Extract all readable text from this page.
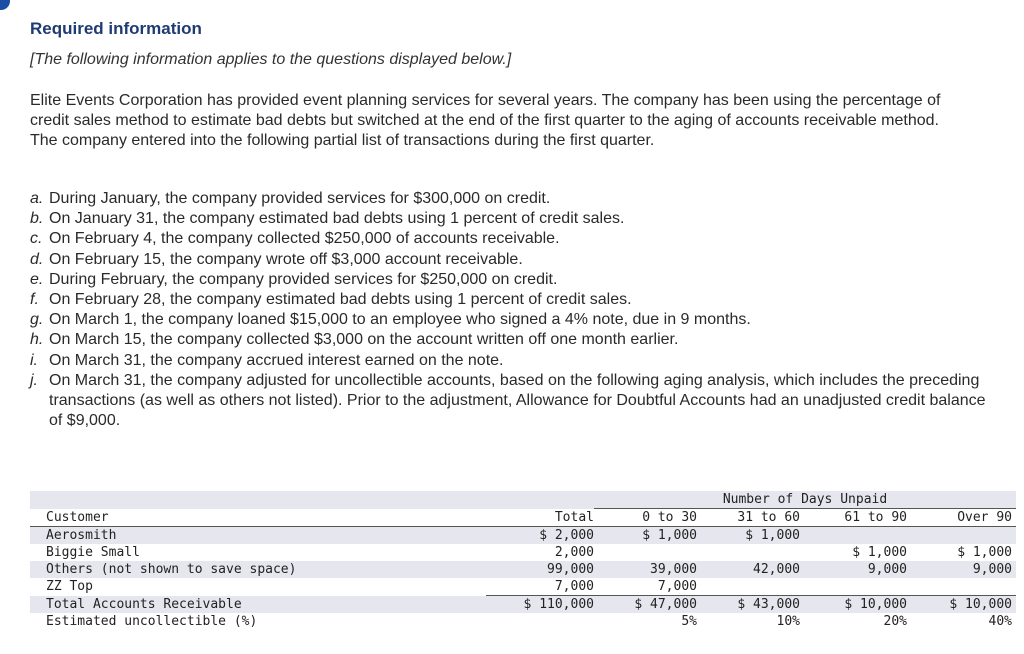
Required information
[The following information applies to the questions displayed below.]

Elite Events Corporation has provided event planning services for several years. The company has been using the percentage of credit sales method to estimate bad debts but switched at the end of the first quarter to the aging of accounts receivable method. The company entered into the following partial list of transactions during the first quarter.

a. During January, the company provided services for $300,000 on credit.
b. On January 31, the company estimated bad debts using 1 percent of credit sales.
c. On February 4, the company collected $250,000 of accounts receivable.
d. On February 15, the company wrote off $3,000 account receivable.
e. During February, the company provided services for $250,000 on credit.
f. On February 28, the company estimated bad debts using 1 percent of credit sales.
g. On March 1, the company loaned $15,000 to an employee who signed a 4% note, due in 9 months.
h. On March 15, the company collected $3,000 on the account written off one month earlier.
i. On March 31, the company accrued interest earned on the note.
j. On March 31, the company adjusted for uncollectible accounts, based on the following aging analysis, which includes the preceding transactions (as well as others not listed). Prior to the adjustment, Allowance for Doubtful Accounts had an unadjusted credit balance of $9,000.
		Number of Days Unpaid			
Customer	Total	0 to 30	31 to 60	61 to 90	Over 90
Aerosmith	$ 2,000	$ 1,000	$ 1,000		
Biggie Small	2,000			$ 1,000	$ 1,000
Others (not shown to save space)	99,000	39,000	42,000	9,000	9,000
ZZ Top	7,000	7,000			
Total Accounts Receivable	$ 110,000	$ 47,000	$ 43,000	$ 10,000	$ 10,000
Estimated uncollectible (%)		5%	10%	20%	40%
